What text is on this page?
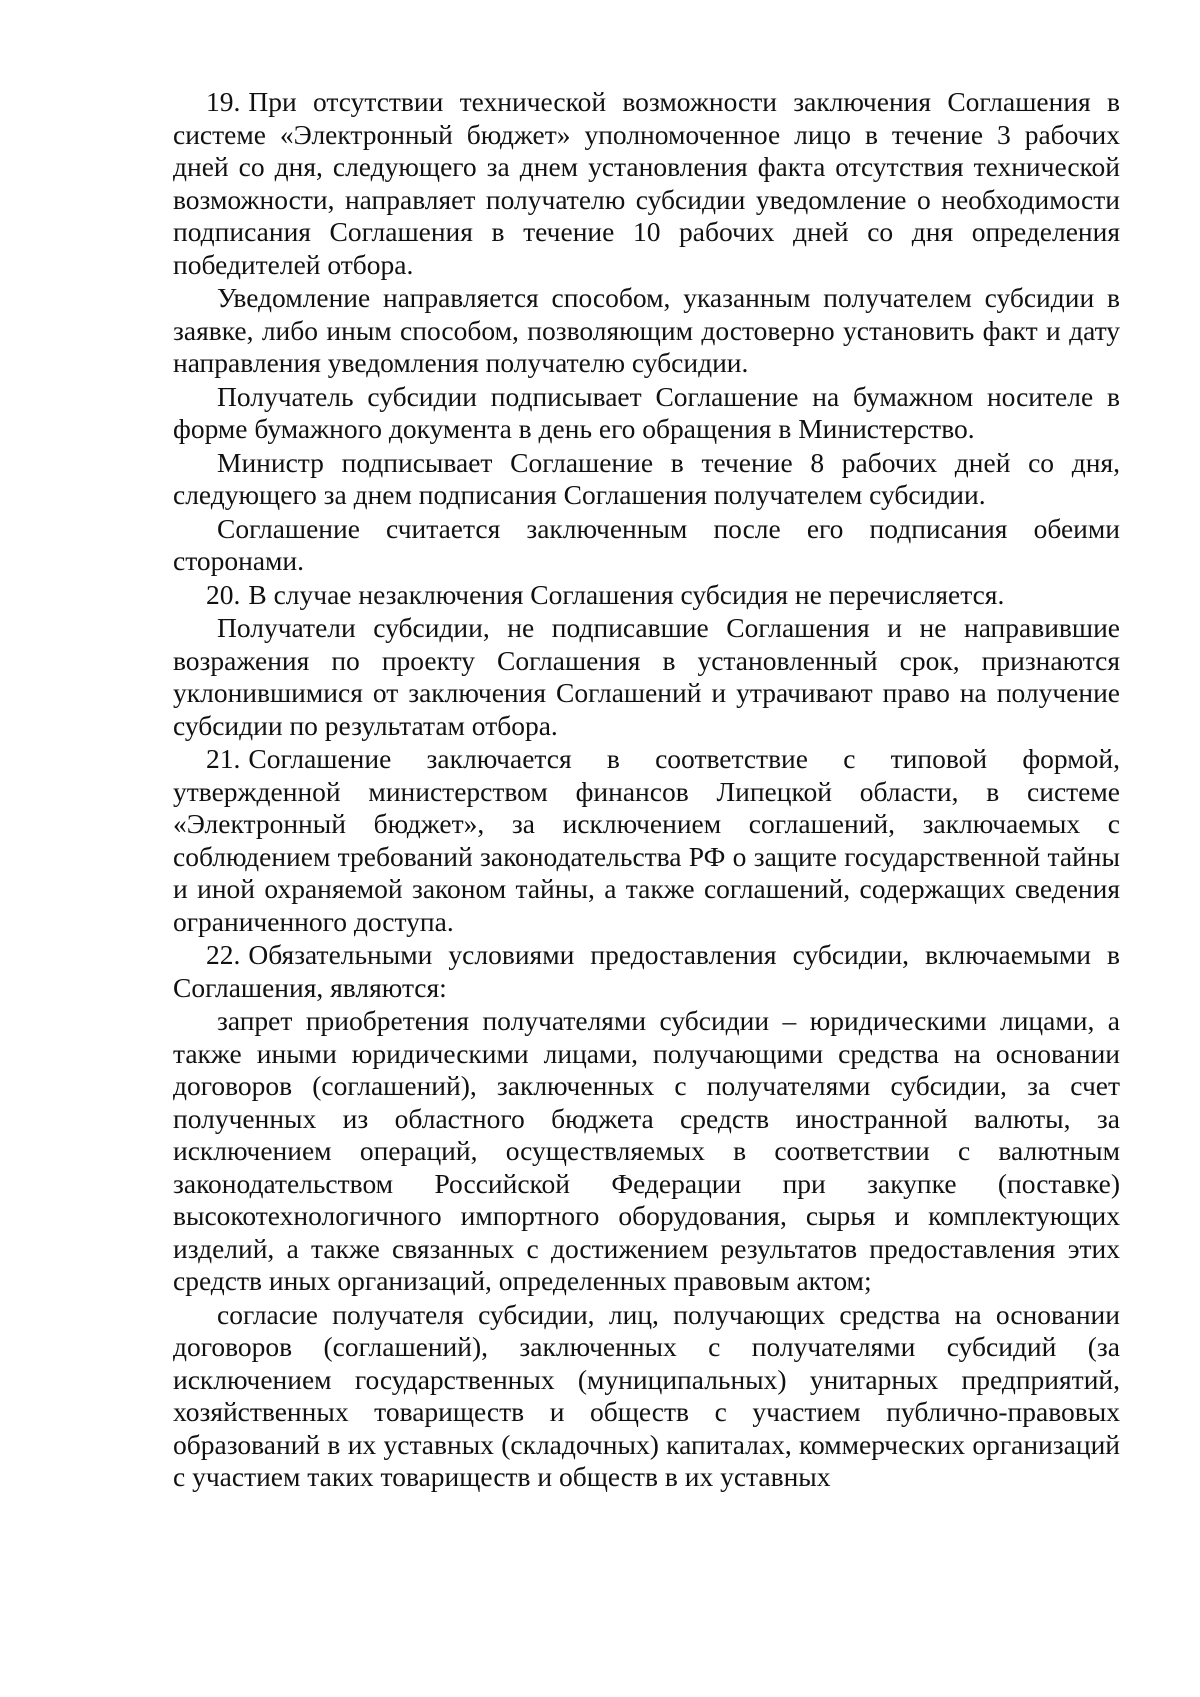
19. При отсутствии технической возможности заключения Соглашения в системе «Электронный бюджет» уполномоченное лицо в течение 3 рабочих дней со дня, следующего за днем установления факта отсутствия технической возможности, направляет получателю субсидии уведомление о необходимости подписания Соглашения в течение 10 рабочих дней со дня определения победителей отбора.

Уведомление направляется способом, указанным получателем субсидии в заявке, либо иным способом, позволяющим достоверно установить факт и дату направления уведомления получателю субсидии.

Получатель субсидии подписывает Соглашение на бумажном носителе в форме бумажного документа в день его обращения в Министерство.

Министр подписывает Соглашение в течение 8 рабочих дней со дня, следующего за днем подписания Соглашения получателем субсидии.

Соглашение считается заключенным после его подписания обеими сторонами.

20. В случае незаключения Соглашения субсидия не перечисляется.

Получатели субсидии, не подписавшие Соглашения и не направившие возражения по проекту Соглашения в установленный срок, признаются уклонившимися от заключения Соглашений и утрачивают право на получение субсидии по результатам отбора.

21. Соглашение заключается в соответствие с типовой формой, утвержденной министерством финансов Липецкой области, в системе «Электронный бюджет», за исключением соглашений, заключаемых с соблюдением требований законодательства РФ о защите государственной тайны и иной охраняемой законом тайны, а также соглашений, содержащих сведения ограниченного доступа.

22. Обязательными условиями предоставления субсидии, включаемыми в Соглашения, являются:

запрет приобретения получателями субсидии – юридическими лицами, а также иными юридическими лицами, получающими средства на основании договоров (соглашений), заключенных с получателями субсидии, за счет полученных из областного бюджета средств иностранной валюты, за исключением операций, осуществляемых в соответствии с валютным законодательством Российской Федерации при закупке (поставке) высокотехнологичного импортного оборудования, сырья и комплектующих изделий, а также связанных с достижением результатов предоставления этих средств иных организаций, определенных правовым актом;

согласие получателя субсидии, лиц, получающих средства на основании договоров (соглашений), заключенных с получателями субсидий (за исключением государственных (муниципальных) унитарных предприятий, хозяйственных товариществ и обществ с участием публично-правовых образований в их уставных (складочных) капиталах, коммерческих организаций с участием таких товариществ и обществ в их уставных
